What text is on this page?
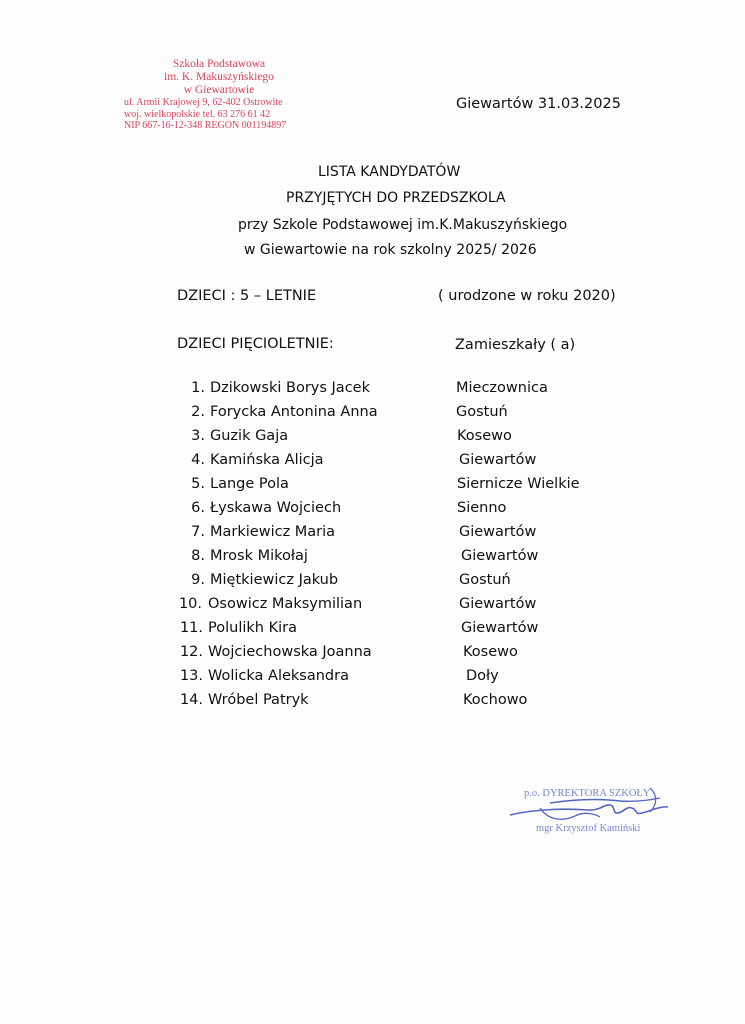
Szkoła Podstawowa
im. K. Makuszyńskiego
w Giewartowie
ul. Armii Krajowej 9, 62-402 Ostrowite
woj. wielkopolskie tel. 63 276 61 42
NIP 667-16-12-348 REGON 001194897
Giewartów 31.03.2025
LISTA KANDYDATÓW
PRZYJĘTYCH DO PRZEDSZKOLA
przy Szkole Podstawowej im.K.Makuszyńskiego
w Giewartowie na rok szkolny 2025/ 2026
DZIECI : 5 – LETNIE	( urodzone w roku 2020)
DZIECI PIĘCIOLETNIE:	Zamieszkały ( a)
1. Dzikowski Borys Jacek	Mieczownica
2. Forycka Antonina Anna	Gostuń
3. Guzik Gaja	Kosewo
4. Kamińska Alicja	Giewartów
5. Lange Pola	Siernicze Wielkie
6. Łyskawa Wojciech	Sienno
7. Markiewicz Maria	Giewartów
8. Mrosk Mikołaj	Giewartów
9. Miętkiewicz Jakub	Gostuń
10. Osowicz Maksymilian	Giewartów
11. Polulikh Kira	Giewartów
12. Wojciechowska Joanna	Kosewo
13. Wolicka Aleksandra	Doły
14. Wróbel Patryk	Kochowo
p.o. DYREKTORA SZKOŁY
mgr Krzysztof Kamiński
